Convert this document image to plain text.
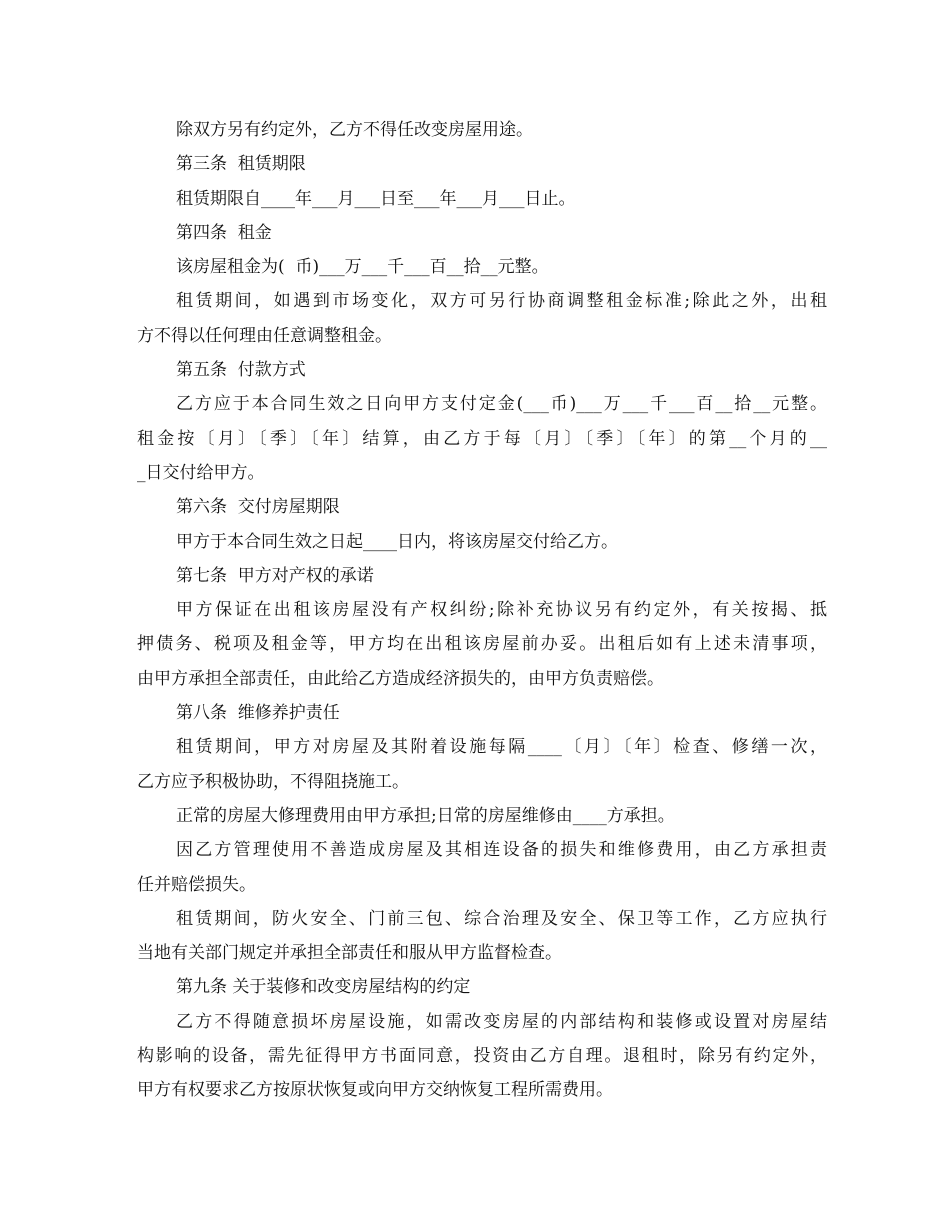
除双方另有约定外，乙方不得任改变房屋用途。
第三条  租赁期限
租赁期限自____年___月___日至___年___月___日止。
第四条  租金
该房屋租金为(  币)___万___千___百__拾__元整。
租赁期间，如遇到市场变化，双方可另行协商调整租金标准;除此之外，出租
方不得以任何理由任意调整租金。
第五条  付款方式
乙方应于本合同生效之日向甲方支付定金(___币)___万___千___百__拾__元整。
租金按〔月〕〔季〕〔年〕结算，由乙方于每〔月〕〔季〕〔年〕的第__个月的__
_日交付给甲方。
第六条  交付房屋期限
甲方于本合同生效之日起____日内，将该房屋交付给乙方。
第七条  甲方对产权的承诺
甲方保证在出租该房屋没有产权纠纷;除补充协议另有约定外，有关按揭、抵
押债务、税项及租金等，甲方均在出租该房屋前办妥。出租后如有上述未清事项，
由甲方承担全部责任，由此给乙方造成经济损失的，由甲方负责赔偿。
第八条  维修养护责任
租赁期间，甲方对房屋及其附着设施每隔____〔月〕〔年〕检查、修缮一次，
乙方应予积极协助，不得阻挠施工。
正常的房屋大修理费用由甲方承担;日常的房屋维修由____方承担。
因乙方管理使用不善造成房屋及其相连设备的损失和维修费用，由乙方承担责
任并赔偿损失。
租赁期间，防火安全、门前三包、综合治理及安全、保卫等工作，乙方应执行
当地有关部门规定并承担全部责任和服从甲方监督检查。
第九条 关于装修和改变房屋结构的约定
乙方不得随意损坏房屋设施，如需改变房屋的内部结构和装修或设置对房屋结
构影响的设备，需先征得甲方书面同意，投资由乙方自理。退租时，除另有约定外，
甲方有权要求乙方按原状恢复或向甲方交纳恢复工程所需费用。
